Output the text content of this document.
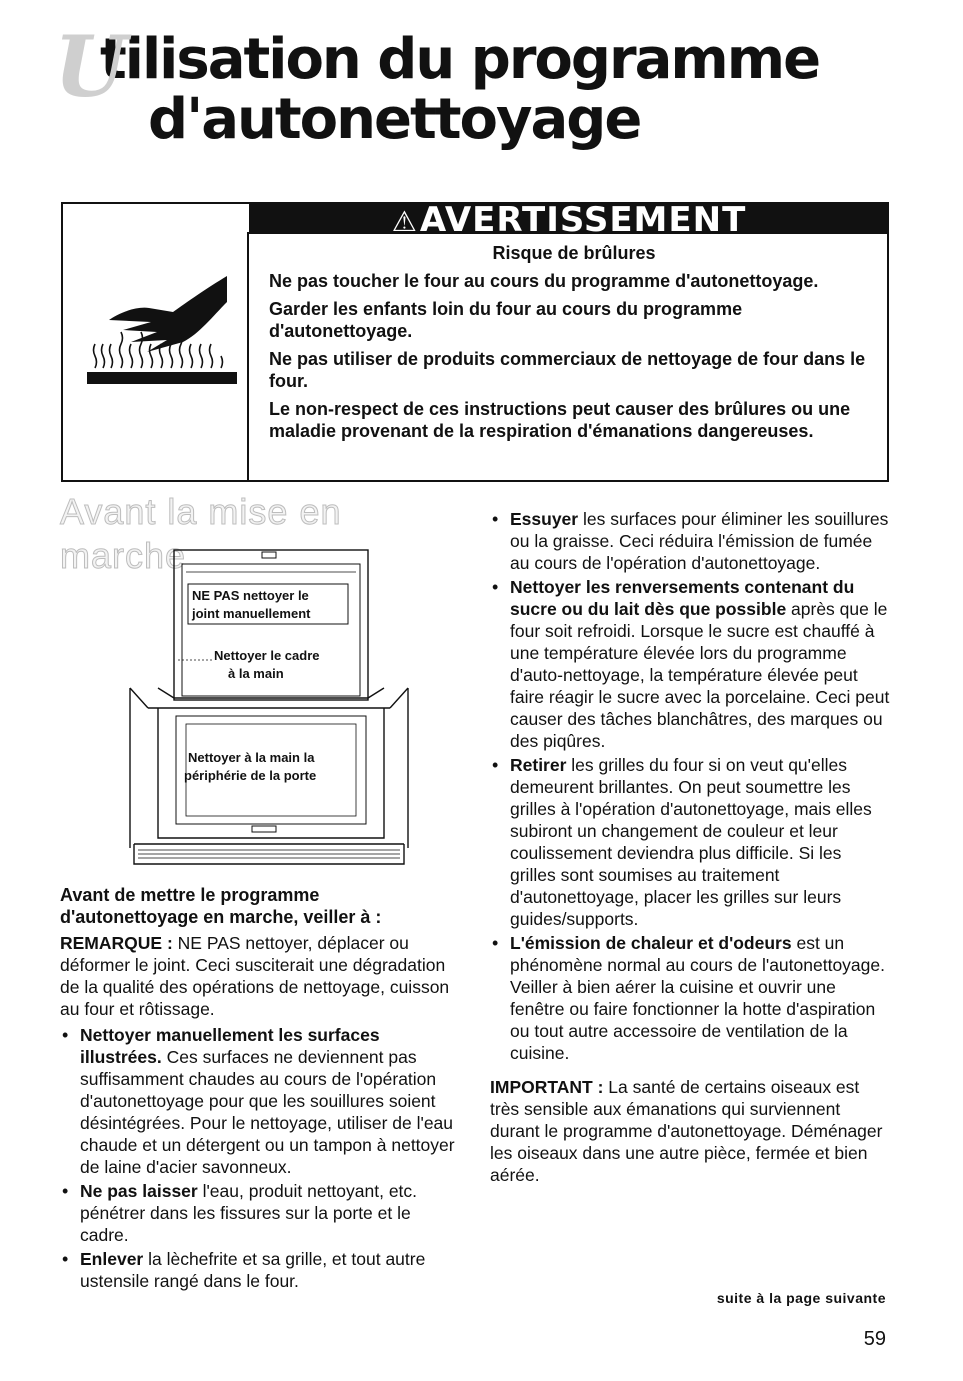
U
tilisation du programme
d'autonettoyage
⚠AVERTISSEMENT
Risque de brûlures

Ne pas toucher le four au cours du programme d'autonettoyage.

Garder les enfants loin du four au cours du programme d'autonettoyage.

Ne pas utiliser de produits commerciaux de nettoyage de four dans le four.

Le non-respect de ces instructions peut causer des brûlures ou une maladie provenant de la respiration d'émanations dangereuses.

Avant la mise en marche
NE PAS nettoyer le
joint manuellement
Nettoyer le cadre
à la main
Nettoyer à la main la
périphérie de la porte
Avant de mettre le programme d'autonettoyage en marche, veiller à :

REMARQUE : NE PAS nettoyer, déplacer ou déformer le joint. Ceci susciterait une dégradation de la qualité des opérations de nettoyage, cuisson au four et rôtissage.

• Nettoyer manuellement les surfaces illustrées. Ces surfaces ne deviennent pas suffisamment chaudes au cours de l'opération d'autonettoyage pour que les souillures soient désintégrées. Pour le nettoyage, utiliser de l'eau chaude et un détergent ou un tampon à nettoyer de laine d'acier savonneux.
• Ne pas laisser l'eau, produit nettoyant, etc. pénétrer dans les fissures sur la porte et le cadre.
• Enlever la lèchefrite et sa grille, et tout autre ustensile rangé dans le four.
• Essuyer les surfaces pour éliminer les souillures ou la graisse. Ceci réduira l'émission de fumée au cours de l'opération d'autonettoyage.
• Nettoyer les renversements contenant du sucre ou du lait dès que possible après que le four soit refroidi. Lorsque le sucre est chauffé à une température élevée lors du programme d'auto-nettoyage, la température élevée peut faire réagir le sucre avec la porcelaine. Ceci peut causer des tâches blanchâtres, des marques ou des piqûres.
• Retirer les grilles du four si on veut qu'elles demeurent brillantes. On peut soumettre les grilles à l'opération d'autonettoyage, mais elles subiront un changement de couleur et leur coulissement deviendra plus difficile. Si les grilles sont soumises au traitement d'autonettoyage, placer les grilles sur leurs guides/supports.
• L'émission de chaleur et d'odeurs est un phénomène normal au cours de l'autonettoyage. Veiller à bien aérer la cuisine et ouvrir une fenêtre ou faire fonctionner la hotte d'aspiration ou tout autre accessoire de ventilation de la cuisine.

IMPORTANT : La santé de certains oiseaux est très sensible aux émanations qui surviennent durant le programme d'autonettoyage. Déménager les oiseaux dans une autre pièce, fermée et bien aérée.

suite à la page suivante
59
